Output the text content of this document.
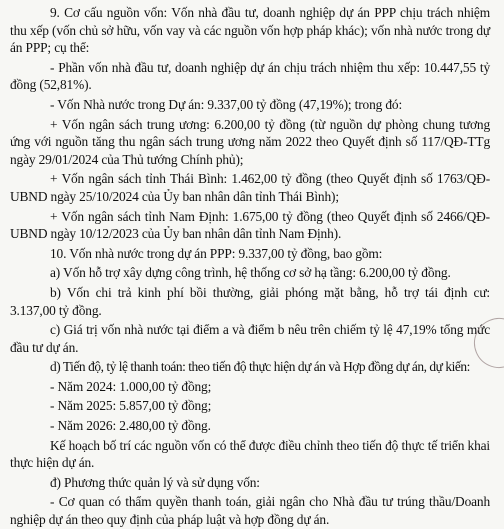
9. Cơ cấu nguồn vốn: Vốn nhà đầu tư, doanh nghiệp dự án PPP chịu trách nhiệm thu xếp (vốn chủ sở hữu, vốn vay và các nguồn vốn hợp pháp khác); vốn nhà nước trong dự án PPP; cụ thể:

- Phần vốn nhà đầu tư, doanh nghiệp dự án chịu trách nhiệm thu xếp: 10.447,55 tỷ đồng (52,81%).

- Vốn Nhà nước trong Dự án: 9.337,00 tỷ đồng (47,19%); trong đó:

+ Vốn ngân sách trung ương: 6.200,00 tỷ đồng (từ nguồn dự phòng chung tương ứng với nguồn tăng thu ngân sách trung ương năm 2022 theo Quyết định số 117/QĐ-TTg ngày 29/01/2024 của Thủ tướng Chính phủ);

+ Vốn ngân sách tỉnh Thái Bình: 1.462,00 tỷ đồng (theo Quyết định số 1763/QĐ-UBND ngày 25/10/2024 của Ủy ban nhân dân tỉnh Thái Bình);

+ Vốn ngân sách tỉnh Nam Định: 1.675,00 tỷ đồng (theo Quyết định số 2466/QĐ-UBND ngày 10/12/2023 của Ủy ban nhân dân tỉnh Nam Định).

10. Vốn nhà nước trong dự án PPP: 9.337,00 tỷ đồng, bao gồm:

a) Vốn hỗ trợ xây dựng công trình, hệ thống cơ sở hạ tầng: 6.200,00 tỷ đồng.

b) Vốn chi trả kinh phí bồi thường, giải phóng mặt bằng, hỗ trợ tái định cư: 3.137,00 tỷ đồng.

c) Giá trị vốn nhà nước tại điểm a và điểm b nêu trên chiếm tỷ lệ 47,19% tổng mức đầu tư dự án.

d) Tiến độ, tỷ lệ thanh toán: theo tiến độ thực hiện dự án và Hợp đồng dự án, dự kiến:

- Năm 2024: 1.000,00 tỷ đồng;

- Năm 2025: 5.857,00 tỷ đồng;

- Năm 2026: 2.480,00 tỷ đồng.

Kế hoạch bố trí các nguồn vốn có thể được điều chỉnh theo tiến độ thực tế triển khai thực hiện dự án.

đ) Phương thức quản lý và sử dụng vốn:

- Cơ quan có thẩm quyền thanh toán, giải ngân cho Nhà đầu tư trúng thầu/Doanh nghiệp dự án theo quy định của pháp luật và hợp đồng dự án.
